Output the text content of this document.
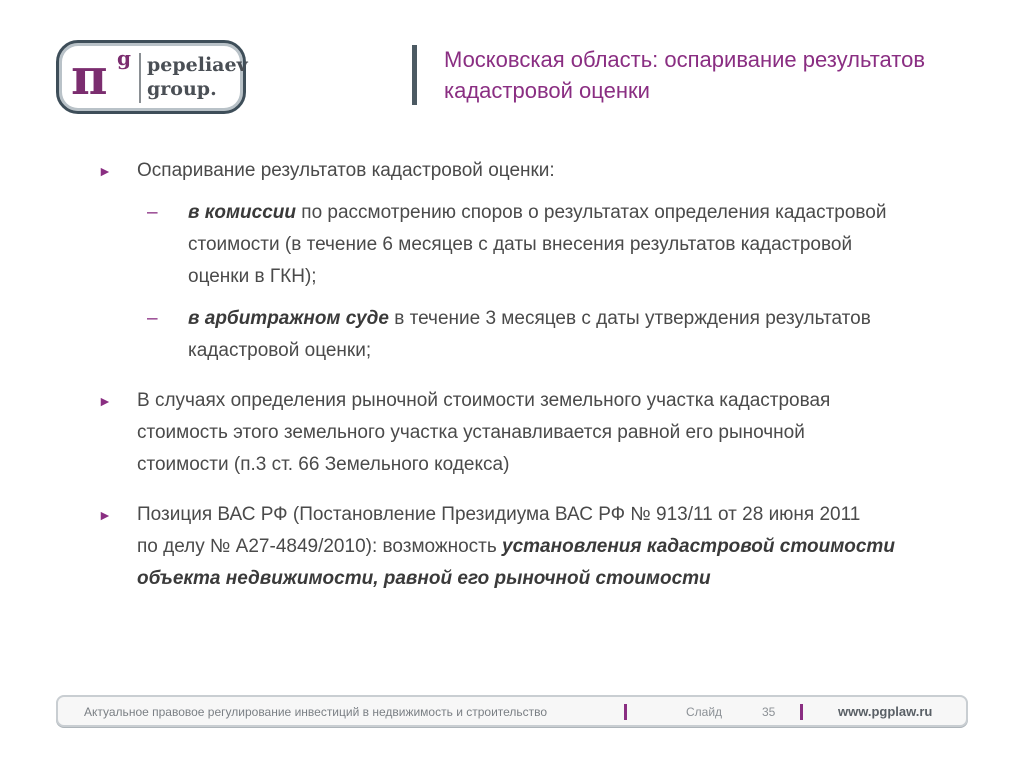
π g pepeliaev
group.
Московская область: оспаривание результатов
кадастровой оценки
► Оспаривание результатов кадастровой оценки:
– в комиссии по рассмотрению споров о результатах определения кадастровой
стоимости (в течение 6 месяцев с даты внесения результатов кадастровой
оценки в ГКН);
– в арбитражном суде в течение 3 месяцев с даты утверждения результатов
кадастровой оценки;
► В случаях определения рыночной стоимости земельного участка кадастровая
стоимость этого земельного участка устанавливается равной его рыночной
стоимости (п.3 ст. 66 Земельного кодекса)
► Позиция ВАС РФ (Постановление Президиума ВАС РФ № 913/11 от 28 июня 2011
по делу № А27-4849/2010): возможность установления кадастровой стоимости
объекта недвижимости, равной его рыночной стоимости
Актуальное правовое регулирование инвестиций в недвижимость и строительство	Слайд	35	www.pgplaw.ru
